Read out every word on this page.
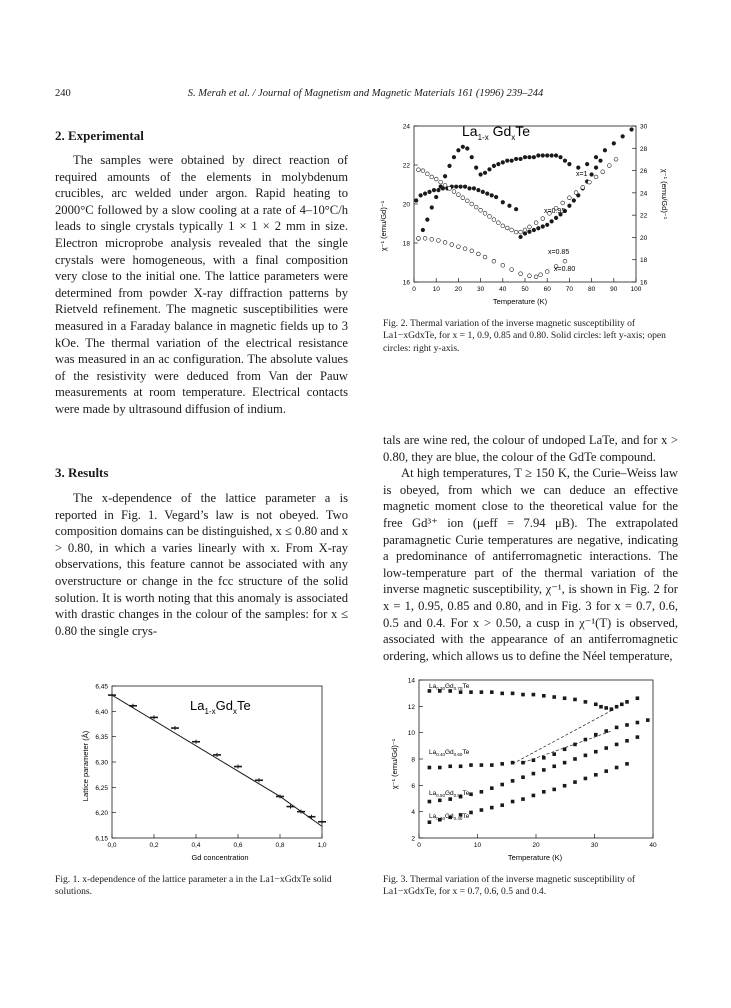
240	S. Merah et al. / Journal of Magnetism and Magnetic Materials 161 (1996) 239–244
2. Experimental

The samples were obtained by direct reaction of required amounts of the elements in molybdenum crucibles, arc welded under argon. Rapid heating to 2000°C followed by a slow cooling at a rate of 4–10°C/h leads to single crystals typically 1 × 1 × 2 mm in size. Electron microprobe analysis revealed that the single crystals were homogeneous, with a final composition very close to the initial one. The lattice parameters were determined from powder X-ray diffraction patterns by Rietveld refinement. The magnetic susceptibilities were measured in a Faraday balance in magnetic fields up to 3 kOe. The thermal variation of the electrical resistance was measured in an ac configuration. The absolute values of the resistivity were deduced from Van der Pauw measurements at room temperature. Electrical contacts were made by ultrasound diffusion of indium.

3. Results

The x-dependence of the lattice parameter a is reported in Fig. 1. Vegard’s law is not obeyed. Two composition domains can be distinguished, x ≤ 0.80 and x > 0.80, in which a varies linearly with x. From X-ray observations, this feature cannot be associated with any overstructure or change in the fcc structure of the solid solution. It is worth noting that this anomaly is associated with drastic changes in the colour of the samples: for x ≤ 0.80 the single crys-

tals are wine red, the colour of undoped LaTe, and for x > 0.80, they are blue, the colour of the GdTe compound.

At high temperatures, T ≥ 150 K, the Curie–Weiss law is obeyed, from which we can deduce an effective magnetic moment close to the theoretical value for the free Gd³⁺ ion (μeff = 7.94 μB). The extrapolated paramagnetic Curie temperatures are negative, indicating a predominance of antiferromagnetic interactions. The low-temperature part of the thermal variation of the inverse magnetic susceptibility, χ⁻¹, is shown in Fig. 2 for x = 1, 0.95, 0.85 and 0.80, and in Fig. 3 for x = 0.7, 0.6, 0.5 and 0.4. For x > 0.50, a cusp in χ⁻¹(T) is observed, associated with the appearance of an antiferromagnetic ordering, which allows us to define the Néel temperature,

0	10 20 30 40 50 60 70 80 90 100
16
18
20
22
24
16
18
20
22
24
26
28
30
$La_{1-x}$ $Gd_xTe$
x=1
x=0.95
x=0.85
x=0.80
Temperature (K)
χ⁻¹ (emu/Gd)⁻¹
χ⁻¹ (emu/Gd)⁻¹
Fig. 2. Thermal variation of the inverse magnetic susceptibility of La1−xGdxTe, for x = 1, 0.9, 0.85 and 0.80. Solid circles: left y-axis; open circles: right y-axis.
0,0	0,2	0,4	0,6	0,8	1,0
6,15
6,20
6,25
6,30
6,35
6,40
6,45
$La_{1-x}Gd_xTe$
Gd concentration
Lattice parameter (Å)
Fig. 1. x-dependence of the lattice parameter a in the La1−xGdxTe solid solutions.
0	10	20	30	40
2
4
6
8
10
12
14
$La_{0.30}Gd_{0.70}Te$
$La_{0.40}Gd_{0.60}Te$
$La_{0.50}Gd_{0.50}Te$
$La_{0.60}Gd_{0.40}Te$
Temperature (K)
χ⁻¹ (emu/Gd)⁻¹
Fig. 3. Thermal variation of the inverse magnetic susceptibility of La1−xGdxTe, for x = 0.7, 0.6, 0.5 and 0.4.
